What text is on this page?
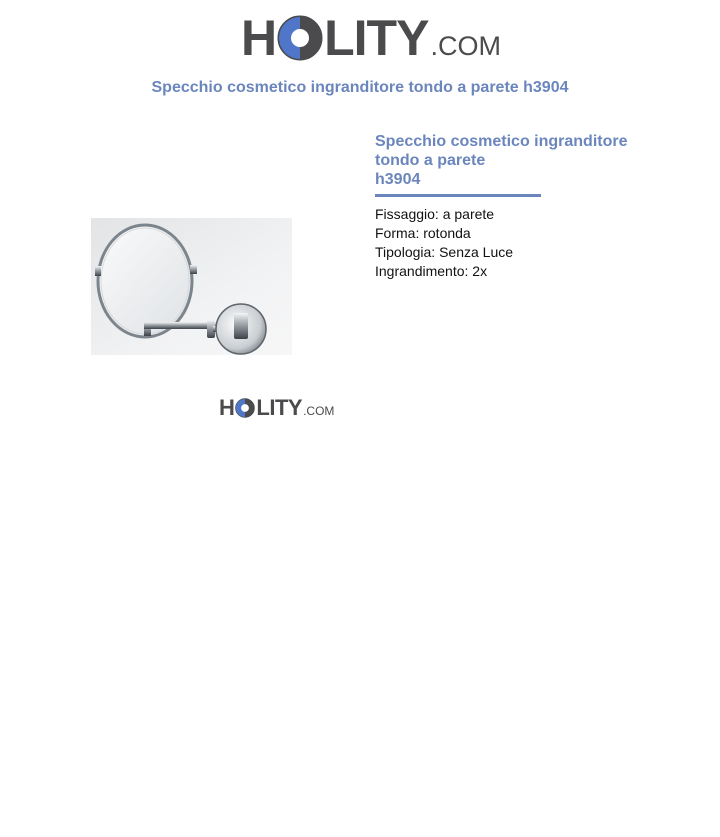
H LITY .COM
Specchio cosmetico ingranditore tondo a parete h3904
Specchio cosmetico ingranditore
tondo a parete
h3904
Fissaggio: a parete
Forma: rotonda
Tipologia: Senza Luce
Ingrandimento: 2x
H LITY .COM
